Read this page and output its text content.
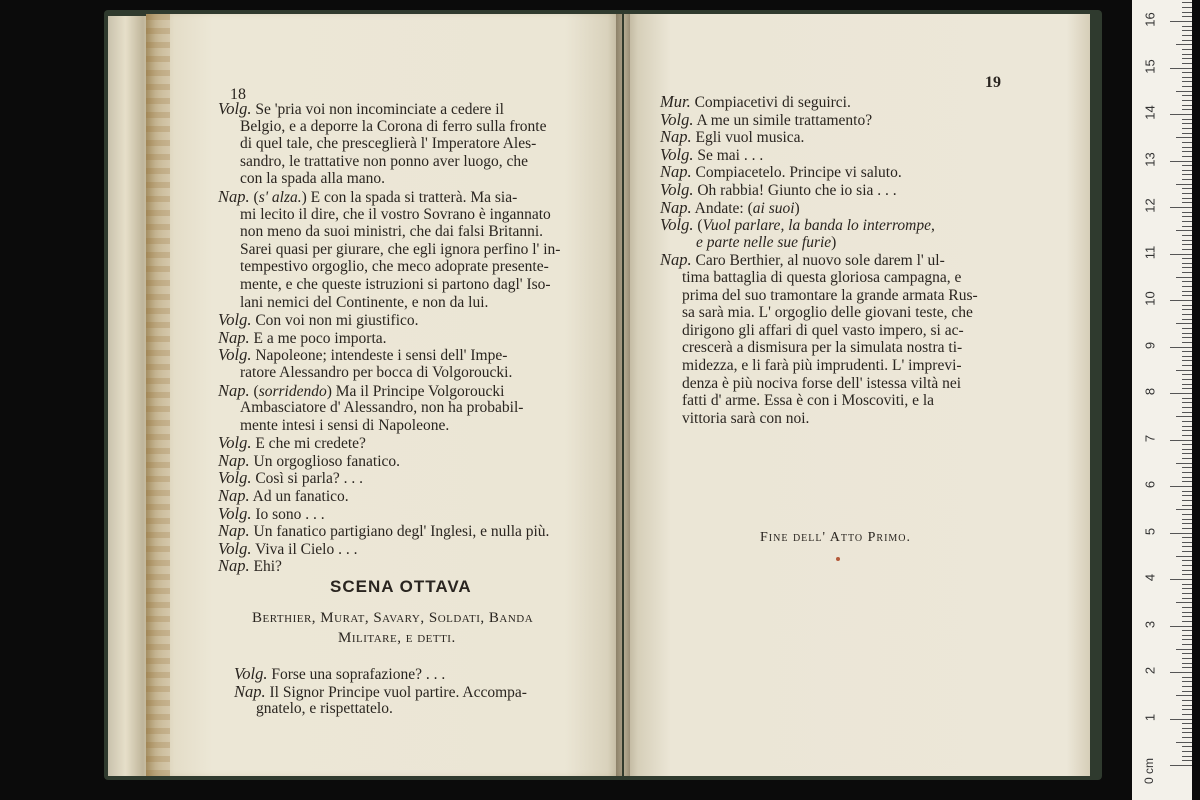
18
19
Volg. Se 'pria voi non incominciate a cedere il
Belgio, e a deporre la Corona di ferro sulla fronte
di quel tale, che presceglierà l' Imperatore Ales-
sandro, le trattative non ponno aver luogo, che
con la spada alla mano.
Nap. (s' alza.) E con la spada si tratterà. Ma sia-
mi lecito il dire, che il vostro Sovrano è ingannato
non meno da suoi ministri, che dai falsi Britanni.
Sarei quasi per giurare, che egli ignora perfino l' in-
tempestivo orgoglio, che meco adoprate presente-
mente, e che queste istruzioni si partono dagl' Iso-
lani nemici del Continente, e non da lui.
Volg. Con voi non mi giustifico.
Nap. E a me poco importa.
Volg. Napoleone; intendeste i sensi dell' Impe-
ratore Alessandro per bocca di Volgoroucki.
Nap. (sorridendo) Ma il Principe Volgoroucki
Ambasciatore d' Alessandro, non ha probabil-
mente intesi i sensi di Napoleone.
Volg. E che mi credete?
Nap. Un orgoglioso fanatico.
Volg. Così si parla? . . .
Nap. Ad un fanatico.
Volg. Io sono . . .
Nap. Un fanatico partigiano degl' Inglesi, e nulla più.
Volg. Viva il Cielo . . .
Nap. Ehi?
SCENA OTTAVA
Berthier, Murat, Savary, Soldati, Banda
Militare, e detti.
Volg. Forse una soprafazione? . . .
Nap. Il Signor Principe vuol partire. Accompa-
gnatelo, e rispettatelo.
Mur. Compiacetivi di seguirci.
Volg. A me un simile trattamento?
Nap. Egli vuol musica.
Volg. Se mai . . .
Nap. Compiacetelo. Principe vi saluto.
Volg. Oh rabbia! Giunto che io sia . . .
Nap. Andate: (ai suoi)
Volg. (Vuol parlare, la banda lo interrompe,
e parte nelle sue furie)
Nap. Caro Berthier, al nuovo sole darem l' ul-
tima battaglia di questa gloriosa campagna, e
prima del suo tramontare la grande armata Rus-
sa sarà mia. L' orgoglio delle giovani teste, che
dirigono gli affari di quel vasto impero, si ac-
crescerà a dismisura per la simulata nostra ti-
midezza, e li farà più imprudenti. L' imprevi-
denza è più nociva forse dell' istessa viltà nei
fatti d' arme. Essa è con i Moscoviti, e la
vittoria sarà con noi.
Fine dell' Atto Primo.
0 cm
16
15
14
13
12
11
10
9
8
7
6
5
4
3
2
1
